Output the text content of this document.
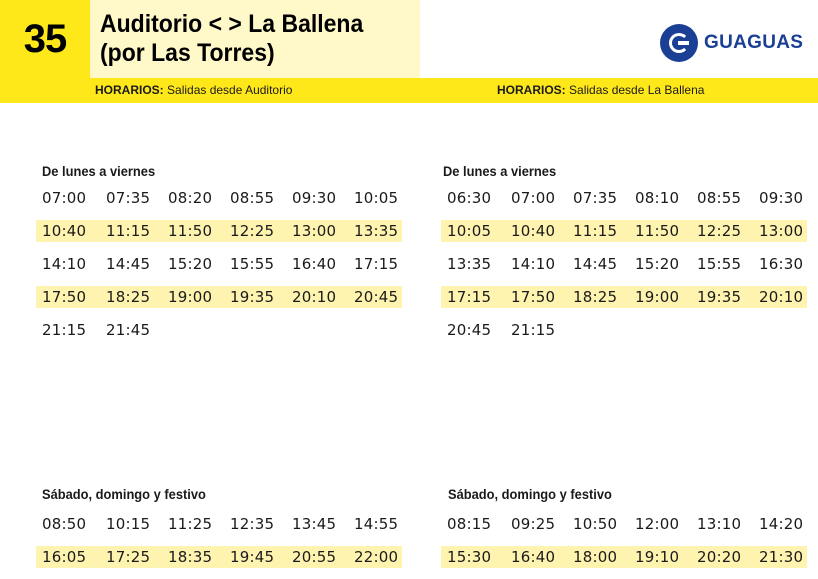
35	Auditorio < > La Ballena
(por Las Torres)	GUAGUAS
HORARIOS: Salidas desde Auditorio	HORARIOS: Salidas desde La Ballena
De lunes a viernes
07:00	07:35	08:20	08:55	09:30	10:05
10:40	11:15	11:50	12:25	13:00	13:35
14:10	14:45	15:20	15:55	16:40	17:15
17:50	18:25	19:00	19:35	20:10	20:45
21:15	21:45
De lunes a viernes
06:30	07:00	07:35	08:10	08:55	09:30
10:05	10:40	11:15	11:50	12:25	13:00
13:35	14:10	14:45	15:20	15:55	16:30
17:15	17:50	18:25	19:00	19:35	20:10
20:45	21:15
Sábado, domingo y festivo
08:50	10:15	11:25	12:35	13:45	14:55
16:05	17:25	18:35	19:45	20:55	22:00
Sábado, domingo y festivo
08:15	09:25	10:50	12:00	13:10	14:20
15:30	16:40	18:00	19:10	20:20	21:30
